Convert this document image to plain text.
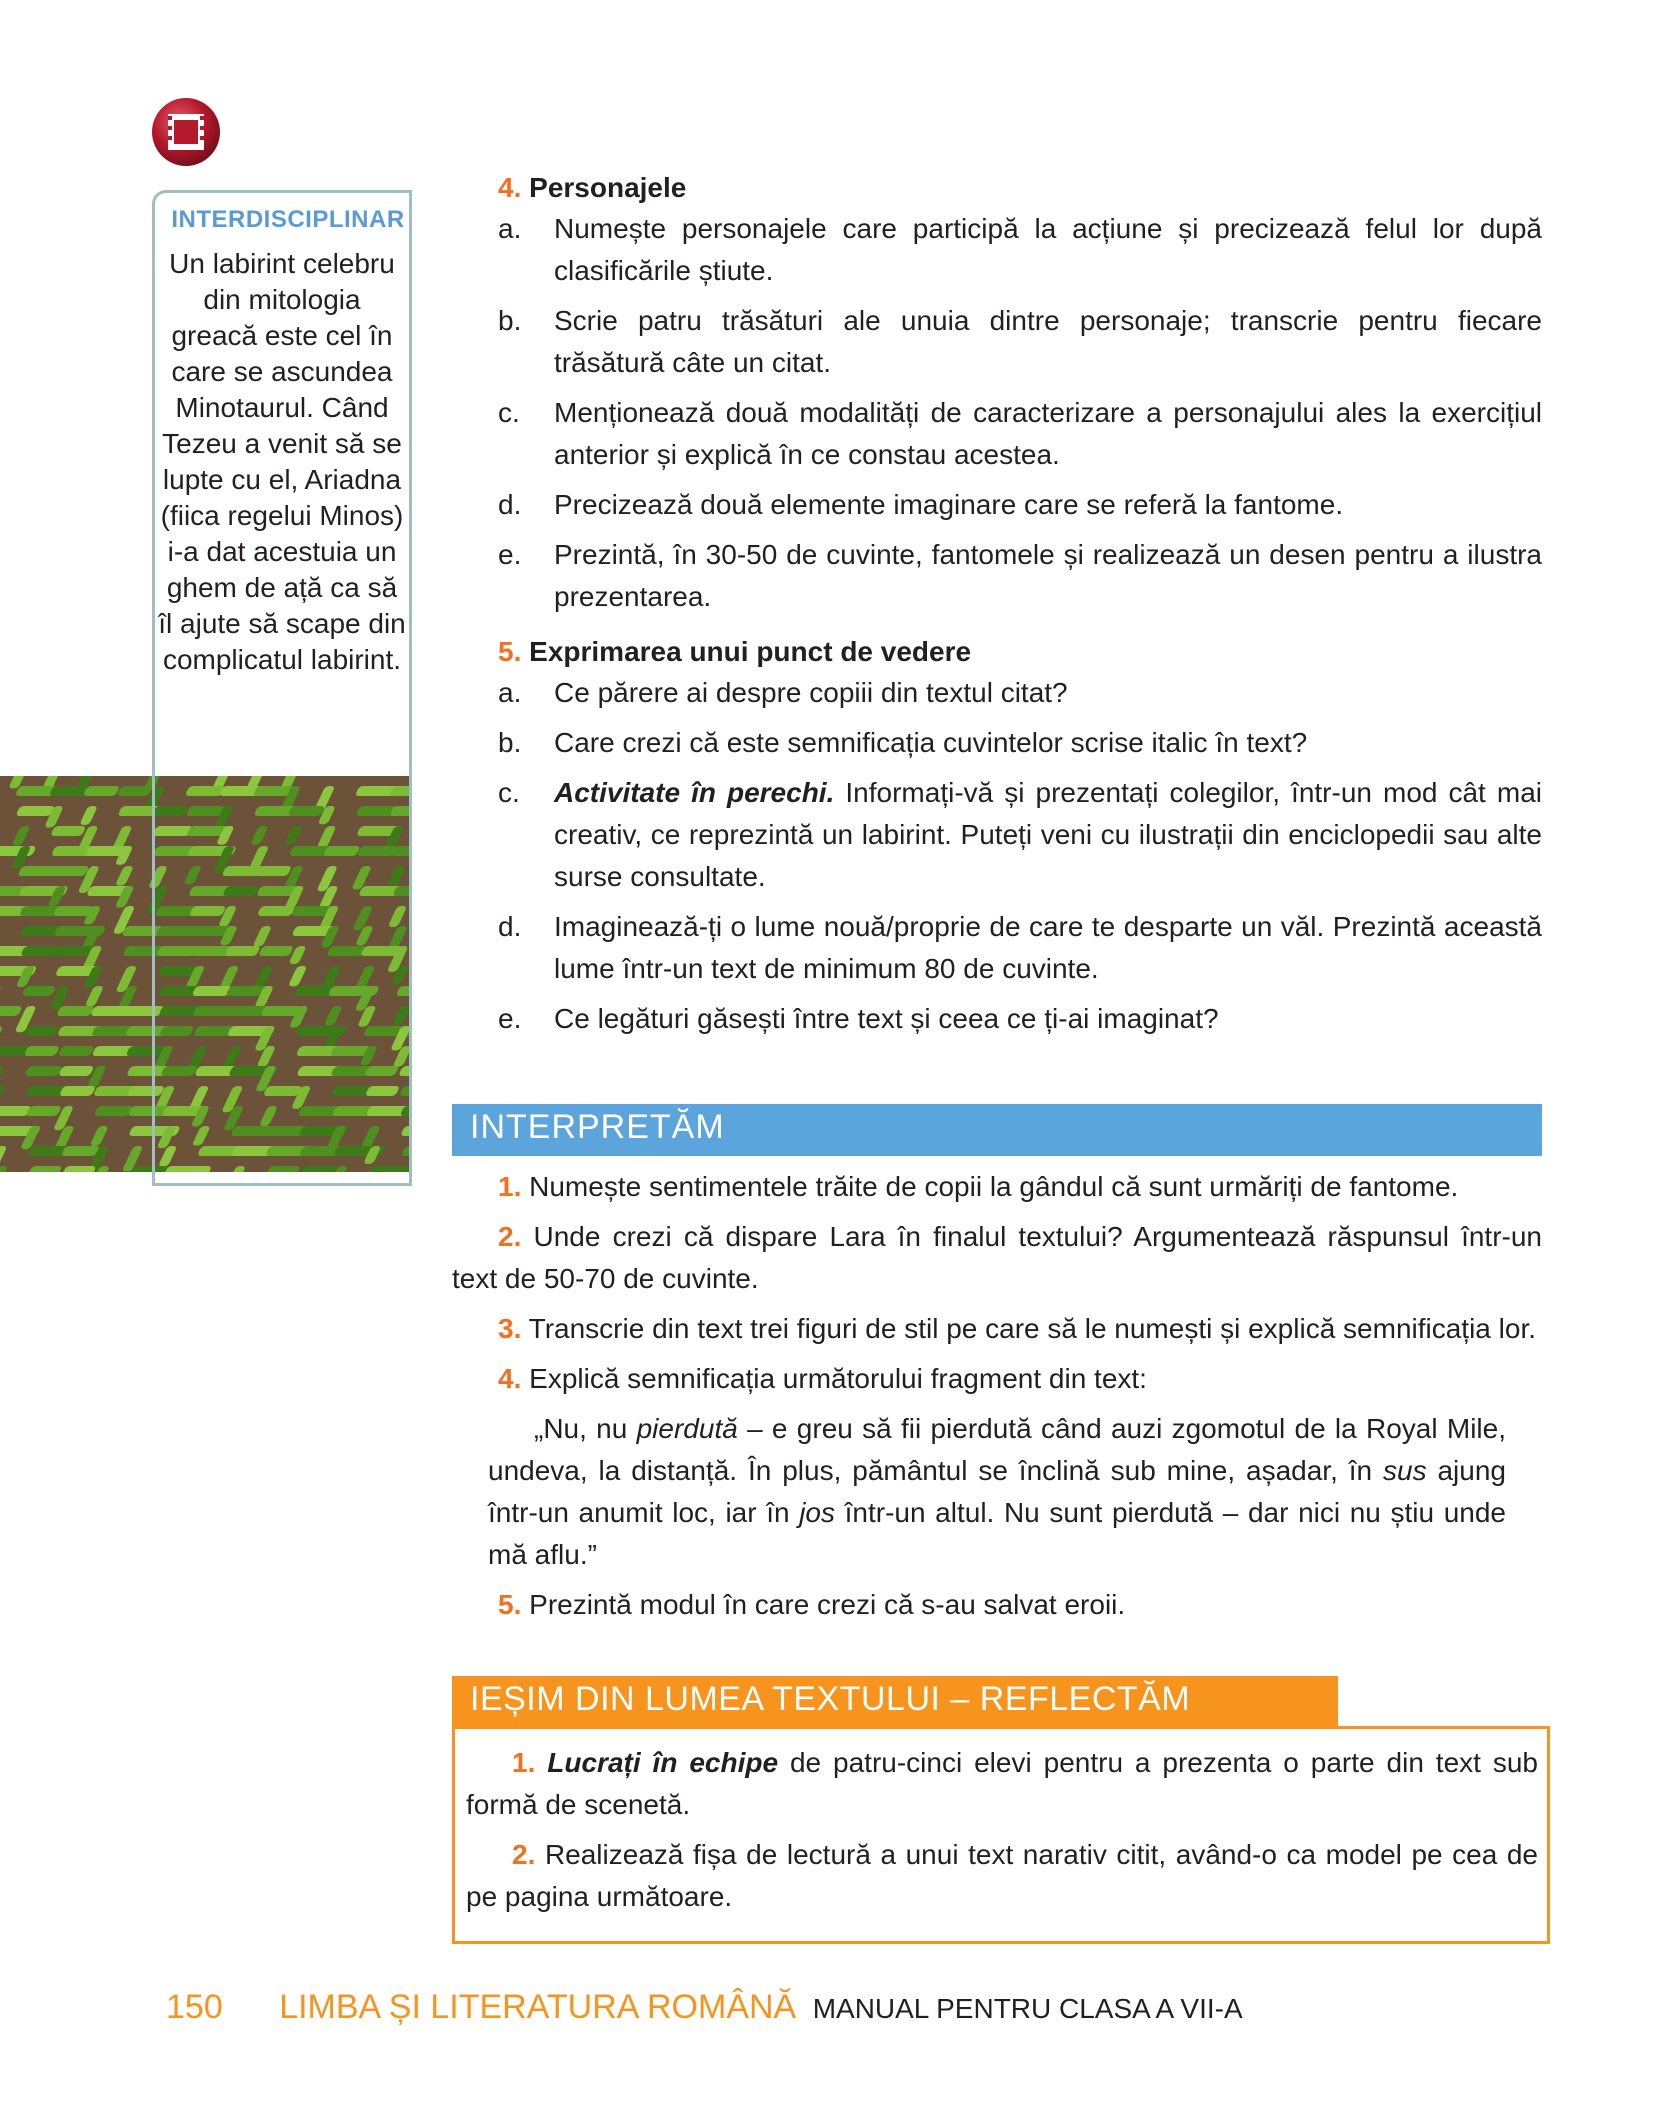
INTERDISCIPLINAR
Un labirint celebru din mitologia greacă este cel în care se ascundea Minotaurul. Când Tezeu a venit să se lupte cu el, Ariadna (fiica regelui Minos) i-a dat acestuia un ghem de ață ca să îl ajute să scape din complicatul labirint.
4. Personajele
a. Numește personajele care participă la acțiune și precizează felul lor după clasificările știute.
b. Scrie patru trăsături ale unuia dintre personaje; transcrie pentru fiecare trăsătură câte un citat.
c. Menționează două modalități de caracterizare a personajului ales la exercițiul anterior și explică în ce constau acestea.
d. Precizează două elemente imaginare care se referă la fantome.
e. Prezintă, în 30-50 de cuvinte, fantomele și realizează un desen pentru a ilustra prezentarea.
5. Exprimarea unui punct de vedere
a. Ce părere ai despre copiii din textul citat?
b. Care crezi că este semnificația cuvintelor scrise italic în text?
c. Activitate în perechi. Informați-vă și prezentați colegilor, într-un mod cât mai creativ, ce reprezintă un labirint. Puteți veni cu ilustrații din enciclopedii sau alte surse consultate.
d. Imaginează-ți o lume nouă/proprie de care te desparte un văl. Prezintă această lume într-un text de minimum 80 de cuvinte.
e. Ce legături găsești între text și ceea ce ți-ai imaginat?
INTERPRETĂM
1. Numește sentimentele trăite de copii la gândul că sunt urmăriți de fantome.
2. Unde crezi că dispare Lara în finalul textului? Argumentează răspunsul într-un text de 50-70 de cuvinte.
3. Transcrie din text trei figuri de stil pe care să le numești și explică semnificația lor.
4. Explică semnificația următorului fragment din text:
„Nu, nu pierdută – e greu să fii pierdută când auzi zgomotul de la Royal Mile, undeva, la distanță. În plus, pământul se înclină sub mine, așadar, în sus ajung într-un anumit loc, iar în jos într-un altul. Nu sunt pierdută – dar nici nu știu unde mă aflu.”
5. Prezintă modul în care crezi că s-au salvat eroii.
IEȘIM DIN LUMEA TEXTULUI – REFLECTĂM
1. Lucrați în echipe de patru-cinci elevi pentru a prezenta o parte din text sub formă de scenetă.
2. Realizează fișa de lectură a unui text narativ citit, având-o ca model pe cea de pe pagina următoare.
150 LIMBA ȘI LITERATURA ROMÂNĂ MANUAL PENTRU CLASA A VII-A
